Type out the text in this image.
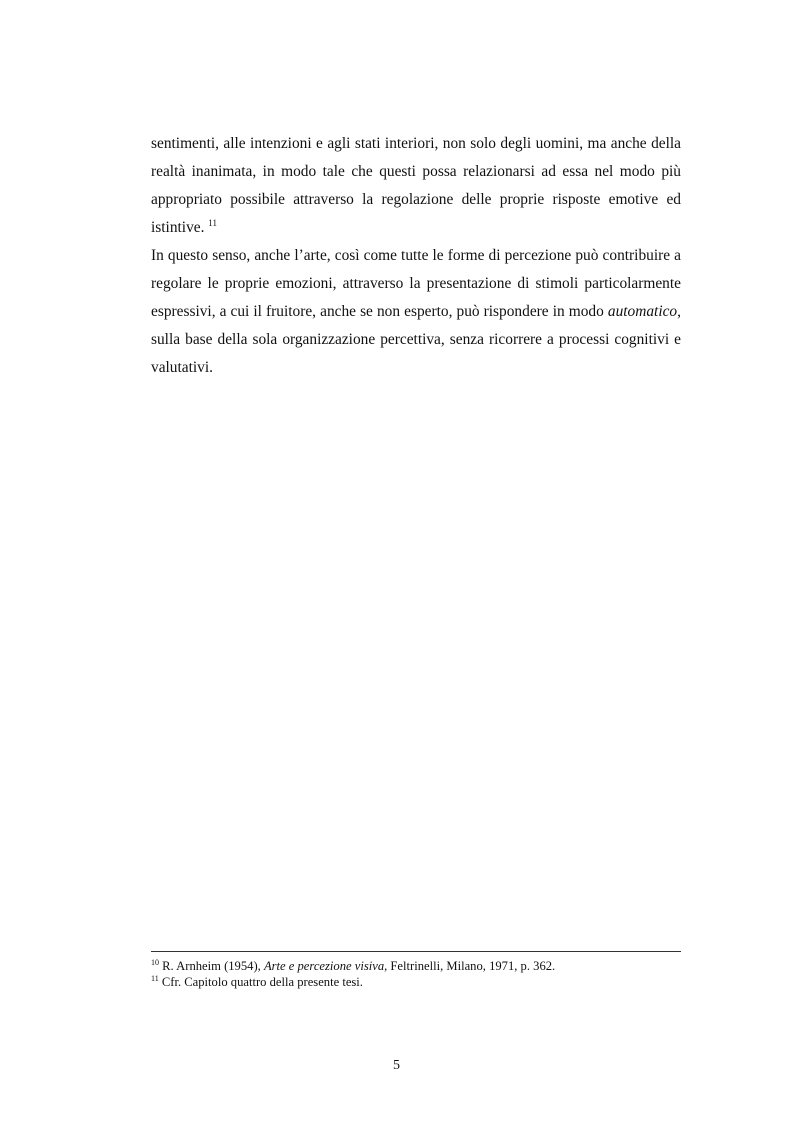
sentimenti, alle intenzioni e agli stati interiori, non solo degli uomini, ma anche della realtà inanimata, in modo tale che questi possa relazionarsi ad essa nel modo più appropriato possibile attraverso la regolazione delle proprie risposte emotive ed istintive. $^{11}$

In questo senso, anche l’arte, così come tutte le forme di percezione può contribuire a regolare le proprie emozioni, attraverso la presentazione di stimoli particolarmente espressivi, a cui il fruitore, anche se non esperto, può rispondere in modo automatico, sulla base della sola organizzazione percettiva, senza ricorrere a processi cognitivi e valutativi.

$^{10}$ R. Arnheim (1954), Arte e percezione visiva, Feltrinelli, Milano, 1971, p. 362.

$^{11}$ Cfr. Capitolo quattro della presente tesi.

5
